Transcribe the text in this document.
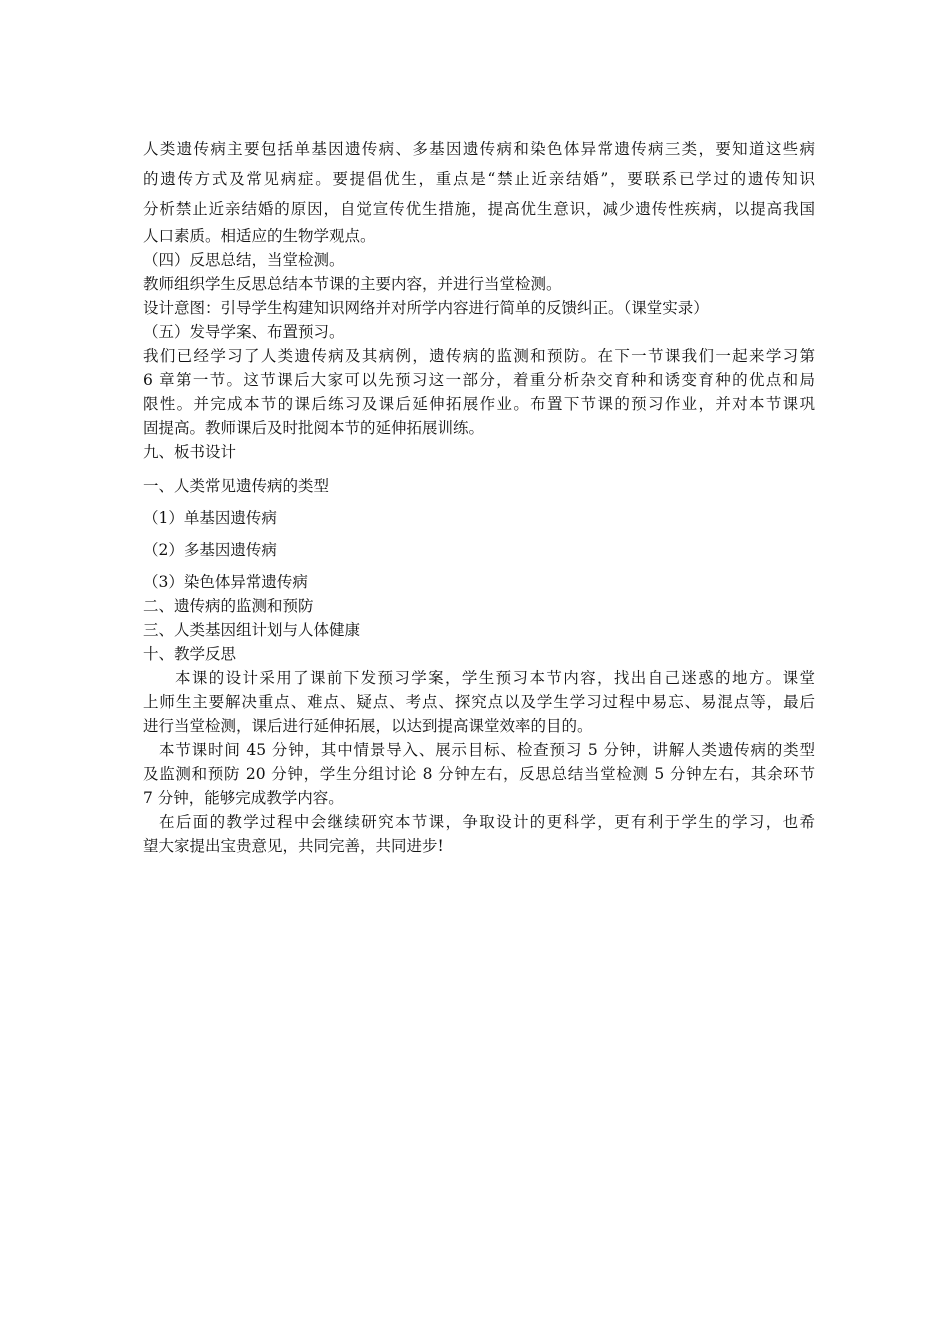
人类遗传病主要包括单基因遗传病、多基因遗传病和染色体异常遗传病三类，要知道这些病
的遗传方式及常见病症。要提倡优生，重点是“禁止近亲结婚”，要联系已学过的遗传知识
分析禁止近亲结婚的原因，自觉宣传优生措施，提高优生意识，减少遗传性疾病，以提高我国
人口素质。相适应的生物学观点。
（四）反思总结，当堂检测。
教师组织学生反思总结本节课的主要内容，并进行当堂检测。
设计意图：引导学生构建知识网络并对所学内容进行简单的反馈纠正。（课堂实录）
（五）发导学案、布置预习。
我们已经学习了人类遗传病及其病例，遗传病的监测和预防。在下一节课我们一起来学习第
6 章第一节。这节课后大家可以先预习这一部分，着重分析杂交育种和诱变育种的优点和局
限性。并完成本节的课后练习及课后延伸拓展作业。布置下节课的预习作业，并对本节课巩
固提高。教师课后及时批阅本节的延伸拓展训练。
九、板书设计
一、人类常见遗传病的类型
（1）单基因遗传病
（2）多基因遗传病
（3）染色体异常遗传病
二、遗传病的监测和预防
三、人类基因组计划与人体健康
十、教学反思
本课的设计采用了课前下发预习学案，学生预习本节内容，找出自己迷惑的地方。课堂
上师生主要解决重点、难点、疑点、考点、探究点以及学生学习过程中易忘、易混点等，最后
进行当堂检测，课后进行延伸拓展，以达到提高课堂效率的目的。
本节课时间 45 分钟，其中情景导入、展示目标、检查预习 5 分钟，讲解人类遗传病的类型
及监测和预防 20 分钟，学生分组讨论 8 分钟左右，反思总结当堂检测 5 分钟左右，其余环节
7 分钟，能够完成教学内容。
在后面的教学过程中会继续研究本节课，争取设计的更科学，更有利于学生的学习，也希
望大家提出宝贵意见，共同完善，共同进步!
